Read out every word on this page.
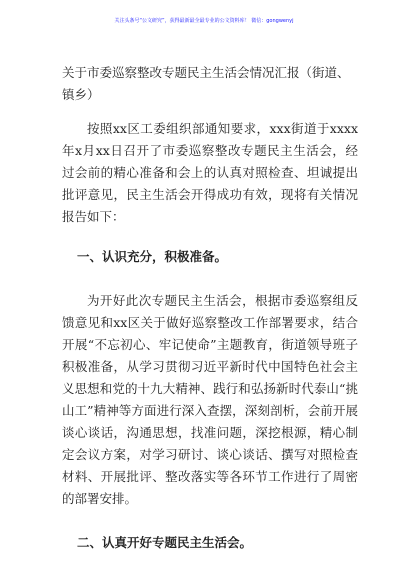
关注头条号“公文研究”，获得最新最全最专业的公文资料库！ 微信：gongwenyj

关于市委巡察整改专题民主生活会情况汇报（街道、镇乡）

按照xx区工委组织部通知要求，xxx街道于xxxx年x月xx日召开了市委巡察整改专题民主生活会，经过会前的精心准备和会上的认真对照检查、坦诚提出批评意见，民主生活会开得成功有效，现将有关情况报告如下：

一、认识充分，积极准备。

为开好此次专题民主生活会，根据市委巡察组反馈意见和xx区关于做好巡察整改工作部署要求，结合开展“不忘初心、牢记使命”主题教育，街道领导班子积极准备，从学习贯彻习近平新时代中国特色社会主义思想和党的十九大精神、践行和弘扬新时代泰山“挑山工”精神等方面进行深入查摆，深刻剖析，会前开展谈心谈话，沟通思想，找准问题，深挖根源，精心制定会议方案，对学习研讨、谈心谈话、撰写对照检查材料、开展批评、整改落实等各环节工作进行了周密的部署安排。

二、认真开好专题民主生活会。
